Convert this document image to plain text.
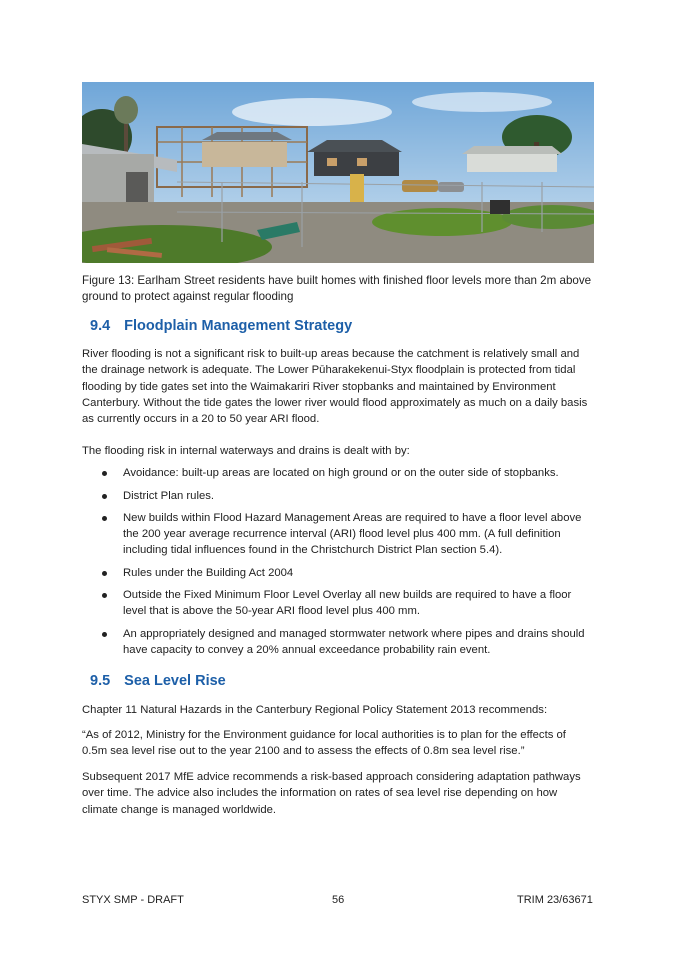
Figure 13: Earlham Street residents have built homes with finished floor levels more than 2m above ground to protect against regular flooding
9.4 Floodplain Management Strategy
River flooding is not a significant risk to built-up areas because the catchment is relatively small and the drainage network is adequate. The Lower Pūharakekenui-Styx floodplain is protected from tidal flooding by tide gates set into the Waimakariri River stopbanks and maintained by Environment Canterbury. Without the tide gates the lower river would flood approximately as much on a daily basis as currently occurs in a 20 to 50 year ARI flood.
The flooding risk in internal waterways and drains is dealt with by:
Avoidance: built-up areas are located on high ground or on the outer side of stopbanks.
District Plan rules.
New builds within Flood Hazard Management Areas are required to have a floor level above the 200 year average recurrence interval (ARI) flood level plus 400 mm. (A full definition including tidal influences found in the Christchurch District Plan section 5.4).
Rules under the Building Act 2004
Outside the Fixed Minimum Floor Level Overlay all new builds are required to have a floor level that is above the 50-year ARI flood level plus 400 mm.
An appropriately designed and managed stormwater network where pipes and drains should have capacity to convey a 20% annual exceedance probability rain event.
9.5 Sea Level Rise
Chapter 11 Natural Hazards in the Canterbury Regional Policy Statement 2013 recommends:
“As of 2012, Ministry for the Environment guidance for local authorities is to plan for the effects of 0.5m sea level rise out to the year 2100 and to assess the effects of 0.8m sea level rise.”
Subsequent 2017 MfE advice recommends a risk-based approach considering adaptation pathways over time. The advice also includes the information on rates of sea level rise depending on how climate change is managed worldwide.
STYX SMP - DRAFT	56	TRIM 23/63671
